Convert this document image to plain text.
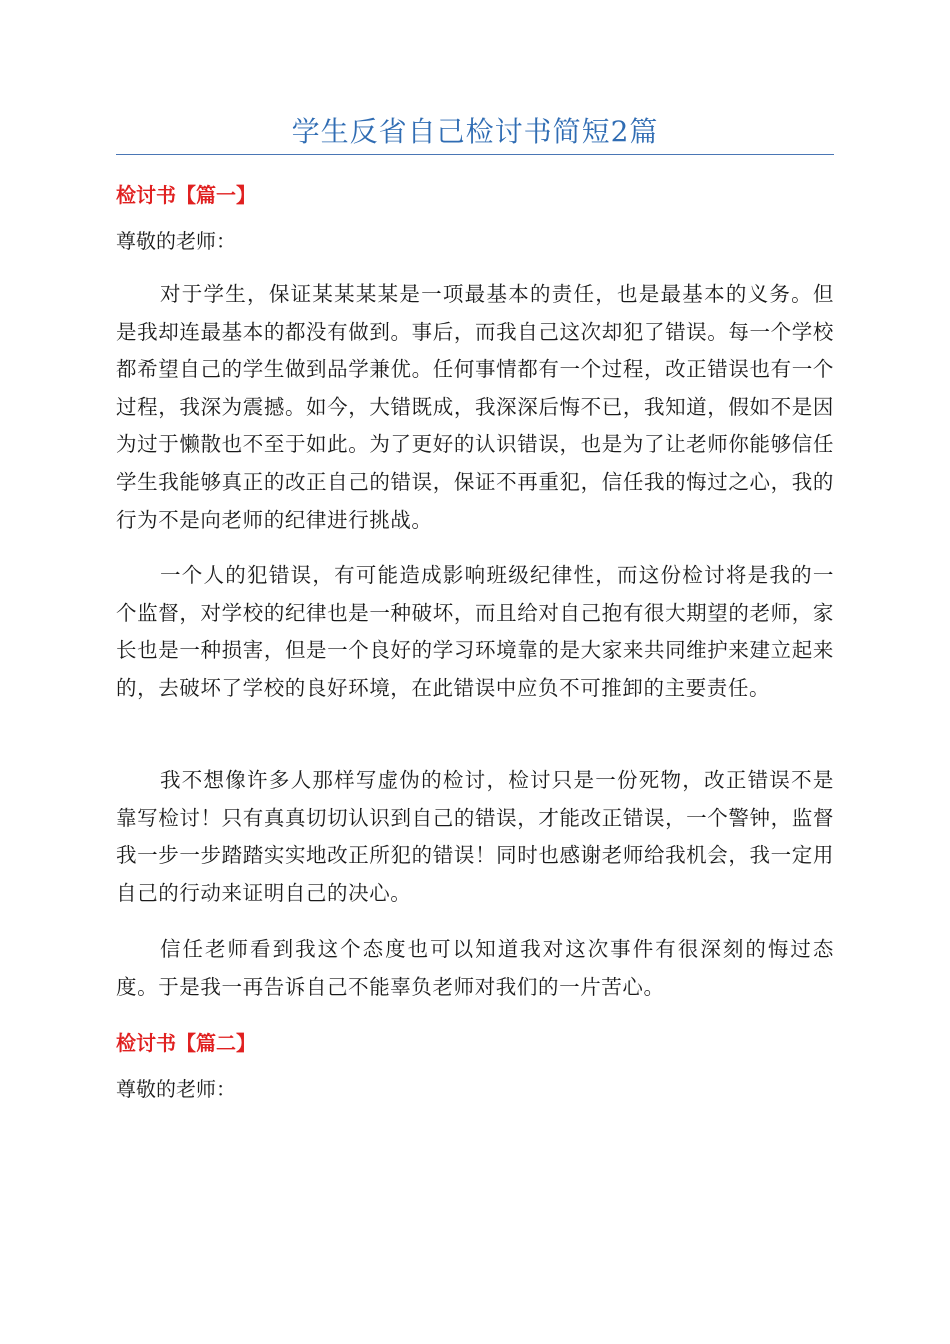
学生反省自己检讨书简短2篇
检讨书【篇一】
尊敬的老师：

对于学生，保证某某某某是一项最基本的责任，也是最基本的义务。但是我却连最基本的都没有做到。事后，而我自己这次却犯了错误。每一个学校都希望自己的学生做到品学兼优。任何事情都有一个过程，改正错误也有一个过程，我深为震撼。如今，大错既成，我深深后悔不已，我知道，假如不是因为过于懒散也不至于如此。为了更好的认识错误，也是为了让老师你能够信任学生我能够真正的改正自己的错误，保证不再重犯，信任我的悔过之心，我的行为不是向老师的纪律进行挑战。

一个人的犯错误，有可能造成影响班级纪律性，而这份检讨将是我的一个监督，对学校的纪律也是一种破坏，而且给对自己抱有很大期望的老师，家长也是一种损害，但是一个良好的学习环境靠的是大家来共同维护来建立起来的，去破坏了学校的良好环境，在此错误中应负不可推卸的主要责任。

我不想像许多人那样写虚伪的检讨，检讨只是一份死物，改正错误不是靠写检讨！只有真真切切认识到自己的错误，才能改正错误，一个警钟，监督我一步一步踏踏实实地改正所犯的错误！同时也感谢老师给我机会，我一定用自己的行动来证明自己的决心。

信任老师看到我这个态度也可以知道我对这次事件有很深刻的悔过态度。于是我一再告诉自己不能辜负老师对我们的一片苦心。

检讨书【篇二】
尊敬的老师：
